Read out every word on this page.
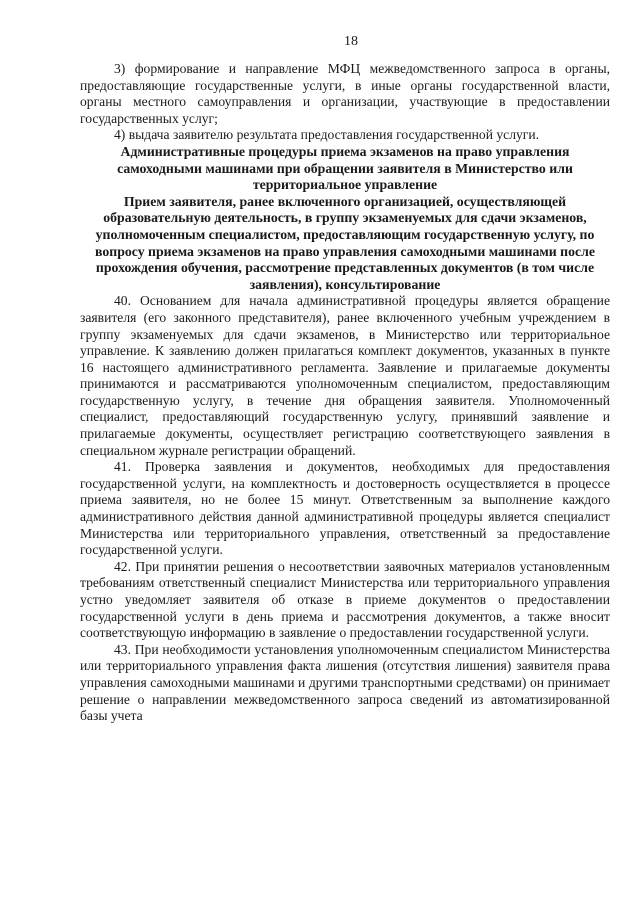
18

3) формирование и направление МФЦ межведомственного запроса в органы, предоставляющие государственные услуги, в иные органы государственной власти, органы местного самоуправления и организации, участвующие в предоставлении государственных услуг;

4) выдача заявителю результата предоставления государственной услуги.

Административные процедуры приема экзаменов на право управления самоходными машинами при обращении заявителя в Министерство или территориальное управление
Прием заявителя, ранее включенного организацией, осуществляющей образовательную деятельность, в группу экзаменуемых для сдачи экзаменов, уполномоченным специалистом, предоставляющим государственную услугу, по вопросу приема экзаменов на право управления самоходными машинами после прохождения обучения, рассмотрение представленных документов (в том числе заявления), консультирование

40. Основанием для начала административной процедуры является обращение заявителя (его законного представителя), ранее включенного учебным учреждением в группу экзаменуемых для сдачи экзаменов, в Министерство или территориальное управление. К заявлению должен прилагаться комплект документов, указанных в пункте 16 настоящего административного регламента. Заявление и прилагаемые документы принимаются и рассматриваются уполномоченным специалистом, предоставляющим государственную услугу, в течение дня обращения заявителя. Уполномоченный специалист, предоставляющий государственную услугу, принявший заявление и прилагаемые документы, осуществляет регистрацию соответствующего заявления в специальном журнале регистрации обращений.

41. Проверка заявления и документов, необходимых для предоставления государственной услуги, на комплектность и достоверность осуществляется в процессе приема заявителя, но не более 15 минут. Ответственным за выполнение каждого административного действия данной административной процедуры является специалист Министерства или территориального управления, ответственный за предоставление государственной услуги.

42. При принятии решения о несоответствии заявочных материалов установленным требованиям ответственный специалист Министерства или территориального управления устно уведомляет заявителя об отказе в приеме документов о предоставлении государственной услуги в день приема и рассмотрения документов, а также вносит соответствующую информацию в заявление о предоставлении государственной услуги.

43. При необходимости установления уполномоченным специалистом Министерства или территориального управления факта лишения (отсутствия лишения) заявителя права управления самоходными машинами и другими транспортными средствами) он принимает решение о направлении межведомственного запроса сведений из автоматизированной базы учета
